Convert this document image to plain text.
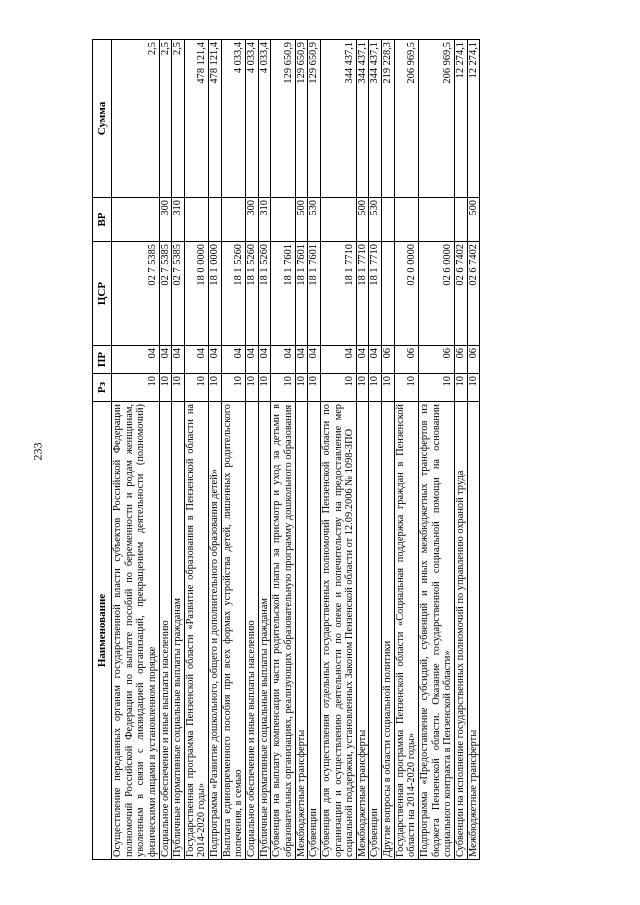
233
Наименование	Рз	ПР	ЦСР	ВР	Сумма
Осуществление переданных органам государственной власти субъектов Российской Федерации полномочий Российской Федерации по выплате пособий по беременности и родам женщинам, уволенным в связи с ликвидацией организаций, прекращением деятельности (полномочий) физическими лицами в установленном порядке	10	04	02 7 5385		2,5
Социальное обеспечение и иные выплаты населению	10	04	02 7 5385	300	2,5
Публичные нормативные социальные выплаты гражданам	10	04	02 7 5385	310	2,5
Государственная программа Пензенской области «Развитие образования в Пензенской области на 2014-2020 годы»	10	04	18 0 0000		478 121,4
Подпрограмма «Развитие дошкольного, общего и дополнительного образования детей»	10	04	18 1 0000		478 121,4
Выплата единовременного пособия при всех формах устройства детей, лишенных родительского попечения, в семью	10	04	18 1 5260		4 033,4
Социальное обеспечение и иные выплаты населению	10	04	18 1 5260	300	4 033,4
Публичные нормативные социальные выплаты гражданам	10	04	18 1 5260	310	4 033,4
Субвенция на выплату компенсации части родительской платы за присмотр и уход за детьми в образовательных организациях, реализующих образовательную программу дошкольного образования	10	04	18 1 7601		129 650,9
Межбюджетные трансферты	10	04	18 1 7601	500	129 650,9
Субвенции	10	04	18 1 7601	530	129 650,9
Субвенция для осуществления отдельных государственных полномочий Пензенской области по организации и осуществлению деятельности по опеке и попечительству на предоставление мер социальной поддержки, установленных Законом Пензенской области от 12.09.2006 № 1098-ЗПО	10	04	18 1 7710		344 437,1
Межбюджетные трансферты	10	04	18 1 7710	500	344 437,1
Субвенции	10	04	18 1 7710	530	344 437,1
Другие вопросы в области социальной политики	10	06			219 228,3
Государственная программа Пензенской области «Социальная поддержка граждан в Пензенской области на 2014-2020 годы»	10	06	02 0 0000		206 969,5
Подпрограмма «Предоставление субсидий, субвенций и иных межбюджетных трансфертов из бюджета Пензенской области. Оказание государственной социальной помощи на основании социального контракта в Пензенской области»	10	06	02 6 0000		206 969,5
Субвенции на исполнение государственных полномочий по управлению охраной труда	10	06	02 6 7402		12 274,1
Межбюджетные трансферты	10	06	02 6 7402	500	12 274,1
